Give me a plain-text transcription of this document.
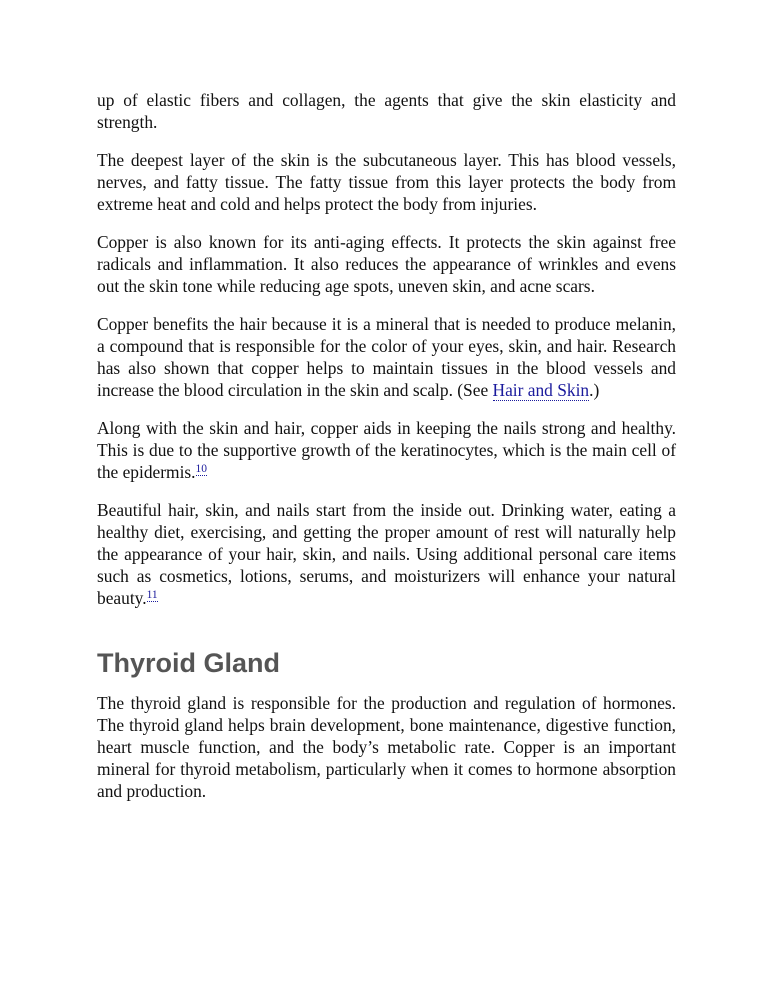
up of elastic fibers and collagen, the agents that give the skin elasticity and strength.

The deepest layer of the skin is the subcutaneous layer. This has blood vessels, nerves, and fatty tissue. The fatty tissue from this layer protects the body from extreme heat and cold and helps protect the body from injuries.

Copper is also known for its anti-aging effects. It protects the skin against free radicals and inflammation. It also reduces the appearance of wrinkles and evens out the skin tone while reducing age spots, uneven skin, and acne scars.

Copper benefits the hair because it is a mineral that is needed to produce melanin, a compound that is responsible for the color of your eyes, skin, and hair. Research has also shown that copper helps to maintain tissues in the blood vessels and increase the blood circulation in the skin and scalp. (See Hair and Skin.)

Along with the skin and hair, copper aids in keeping the nails strong and healthy. This is due to the supportive growth of the keratinocytes, which is the main cell of the epidermis.$^{10}$

Beautiful hair, skin, and nails start from the inside out. Drinking water, eating a healthy diet, exercising, and getting the proper amount of rest will naturally help the appearance of your hair, skin, and nails. Using additional personal care items such as cosmetics, lotions, serums, and moisturizers will enhance your natural beauty.$^{11}$

Thyroid Gland

The thyroid gland is responsible for the production and regulation of hormones. The thyroid gland helps brain development, bone maintenance, digestive function, heart muscle function, and the body’s metabolic rate. Copper is an important mineral for thyroid metabolism, particularly when it comes to hormone absorption and production.
